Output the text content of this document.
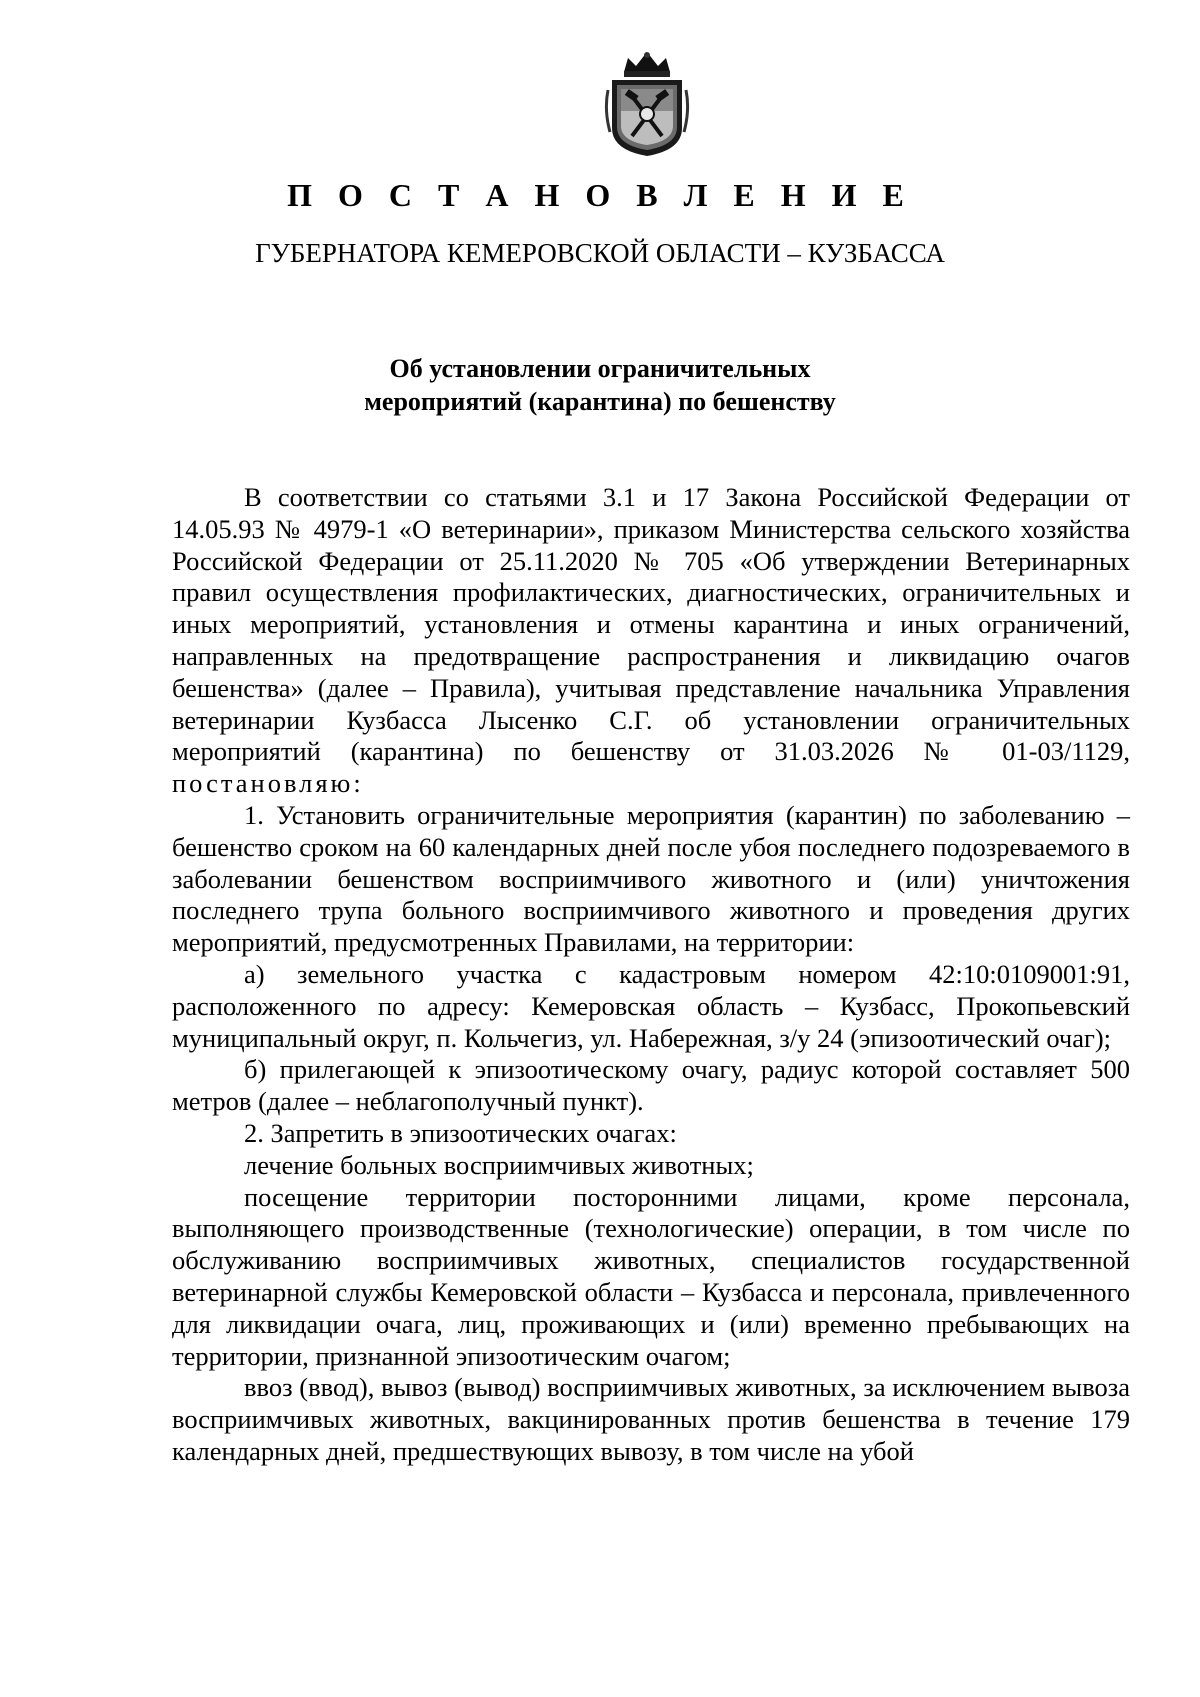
П О С Т А Н О В Л Е Н И Е
ГУБЕРНАТОРА КЕМЕРОВСКОЙ ОБЛАСТИ – КУЗБАССА
Об установлении ограничительных
мероприятий (карантина) по бешенству

В соответствии со статьями 3.1 и 17 Закона Российской Федерации от 14.05.93 № 4979-1 «О ветеринарии», приказом Министерства сельского хозяйства Российской Федерации от 25.11.2020 № 705 «Об утверждении Ветеринарных правил осуществления профилактических, диагностических, ограничительных и иных мероприятий, установления и отмены карантина и иных ограничений, направленных на предотвращение распространения и ликвидацию очагов бешенства» (далее – Правила), учитывая представление начальника Управления ветеринарии Кузбасса Лысенко С.Г. об установлении ограничительных мероприятий (карантина) по бешенству от 31.03.2026 № 01-03/1129, постановляю:

1. Установить ограничительные мероприятия (карантин) по заболеванию – бешенство сроком на 60 календарных дней после убоя последнего подозреваемого в заболевании бешенством восприимчивого животного и (или) уничтожения последнего трупа больного восприимчивого животного и проведения других мероприятий, предусмотренных Правилами, на территории:

а) земельного участка с кадастровым номером 42:10:0109001:91, расположенного по адресу: Кемеровская область – Кузбасс, Прокопьевский муниципальный округ, п. Кольчегиз, ул. Набережная, з/у 24 (эпизоотический очаг);

б) прилегающей к эпизоотическому очагу, радиус которой составляет 500 метров (далее – неблагополучный пункт).

2. Запретить в эпизоотических очагах:

лечение больных восприимчивых животных;

посещение территории посторонними лицами, кроме персонала, выполняющего производственные (технологические) операции, в том числе по обслуживанию восприимчивых животных, специалистов государственной ветеринарной службы Кемеровской области – Кузбасса и персонала, привлеченного для ликвидации очага, лиц, проживающих и (или) временно пребывающих на территории, признанной эпизоотическим очагом;

ввоз (ввод), вывоз (вывод) восприимчивых животных, за исключением вывоза восприимчивых животных, вакцинированных против бешенства в течение 179 календарных дней, предшествующих вывозу, в том числе на убой
